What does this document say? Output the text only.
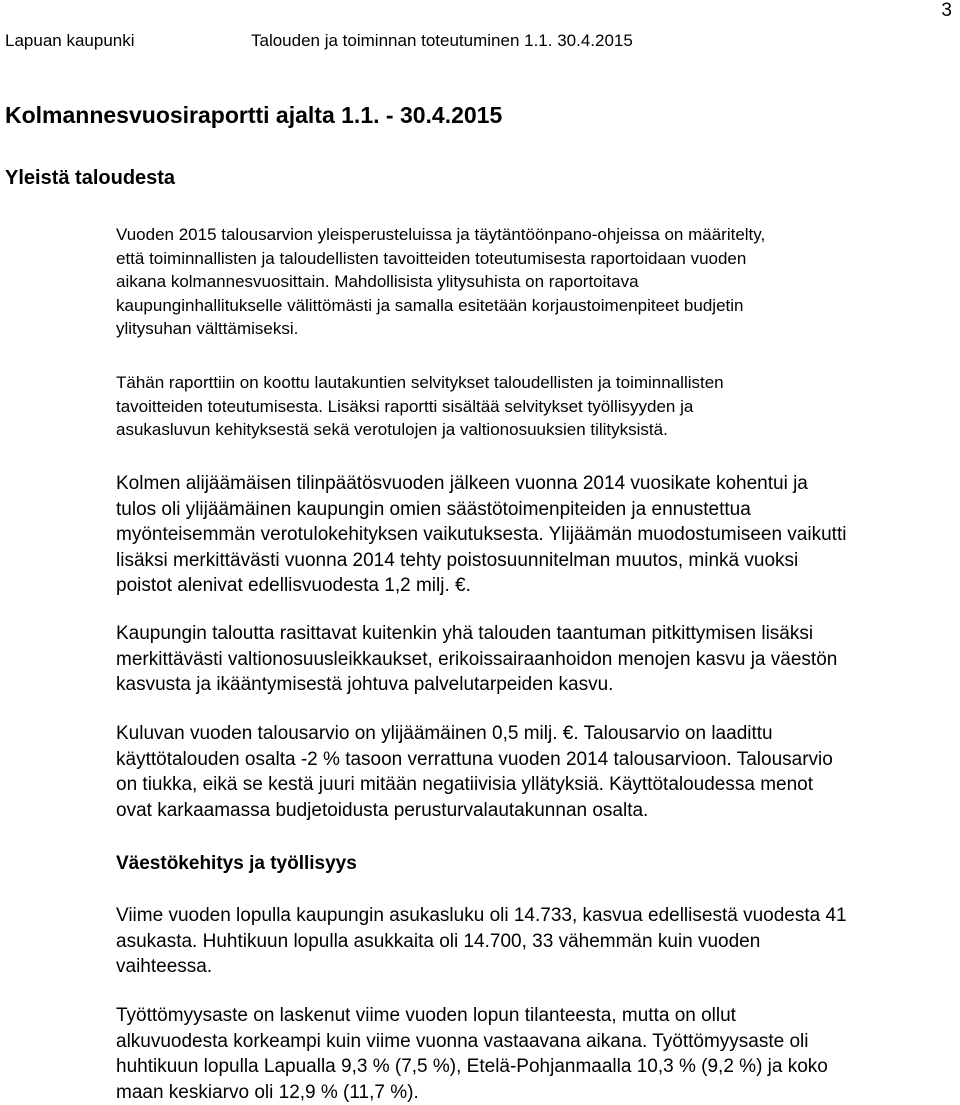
3
Lapuan kaupunki	Talouden ja toiminnan toteutuminen 1.1. 30.4.2015
Kolmannesvuosiraportti ajalta 1.1. - 30.4.2015
Yleistä taloudesta

Vuoden 2015 talousarvion yleisperusteluissa ja täytäntöönpano-ohjeissa on määritelty,
että toiminnallisten ja taloudellisten tavoitteiden toteutumisesta raportoidaan vuoden
aikana kolmannesvuosittain. Mahdollisista ylitysuhista on raportoitava
kaupunginhallitukselle välittömästi ja samalla esitetään korjaustoimenpiteet budjetin
ylitysuhan välttämiseksi.

Tähän raporttiin on koottu lautakuntien selvitykset taloudellisten ja toiminnallisten
tavoitteiden toteutumisesta. Lisäksi raportti sisältää selvitykset työllisyyden ja
asukasluvun kehityksestä sekä verotulojen ja valtionosuuksien tilityksistä.

Kolmen alijäämäisen tilinpäätösvuoden jälkeen vuonna 2014 vuosikate kohentui ja
tulos oli ylijäämäinen kaupungin omien säästötoimenpiteiden ja ennustettua
myönteisemmän verotulokehityksen vaikutuksesta. Ylijäämän muodostumiseen vaikutti
lisäksi merkittävästi vuonna 2014 tehty poistosuunnitelman muutos, minkä vuoksi
poistot alenivat edellisvuodesta 1,2 milj. €.

Kaupungin taloutta rasittavat kuitenkin yhä talouden taantuman pitkittymisen lisäksi
merkittävästi valtionosuusleikkaukset, erikoissairaanhoidon menojen kasvu ja väestön
kasvusta ja ikääntymisestä johtuva palvelutarpeiden kasvu.

Kuluvan vuoden talousarvio on ylijäämäinen 0,5 milj. €. Talousarvio on laadittu
käyttötalouden osalta -2 % tasoon verrattuna vuoden 2014 talousarvioon. Talousarvio
on tiukka, eikä se kestä juuri mitään negatiivisia yllätyksiä. Käyttötaloudessa menot
ovat karkaamassa budjetoidusta perusturvalautakunnan osalta.

Väestökehitys ja työllisyys

Viime vuoden lopulla kaupungin asukasluku oli 14.733, kasvua edellisestä vuodesta 41
asukasta. Huhtikuun lopulla asukkaita oli 14.700, 33 vähemmän kuin vuoden
vaihteessa.

Työttömyysaste on laskenut viime vuoden lopun tilanteesta, mutta on ollut
alkuvuodesta korkeampi kuin viime vuonna vastaavana aikana. Työttömyysaste oli
huhtikuun lopulla Lapualla 9,3 % (7,5 %), Etelä-Pohjanmaalla 10,3 % (9,2 %) ja koko
maan keskiarvo oli 12,9 % (11,7 %).
